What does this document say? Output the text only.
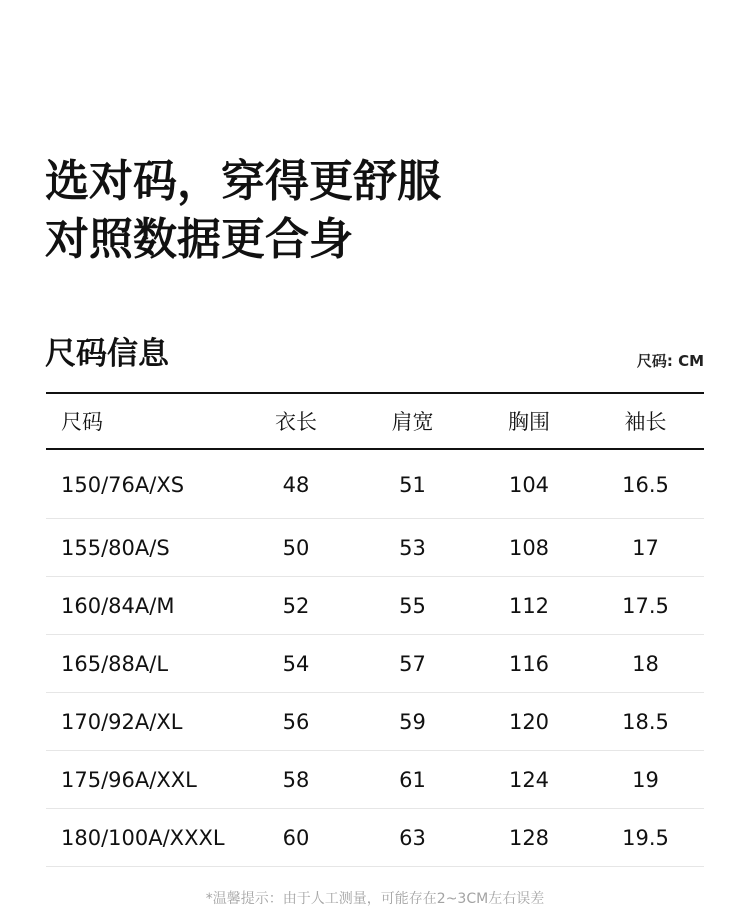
选对码，穿得更舒服
对照数据更合身
尺码信息	尺码: CM
尺码	衣长	肩宽	胸围	袖长
150/76A/XS	48	51	104	16.5
155/80A/S	50	53	108	17
160/84A/M	52	55	112	17.5
165/88A/L	54	57	116	18
170/92A/XL	56	59	120	18.5
175/96A/XXL	58	61	124	19
180/100A/XXXL	60	63	128	19.5
*温馨提示：由于人工测量，可能存在2~3CM左右误差
